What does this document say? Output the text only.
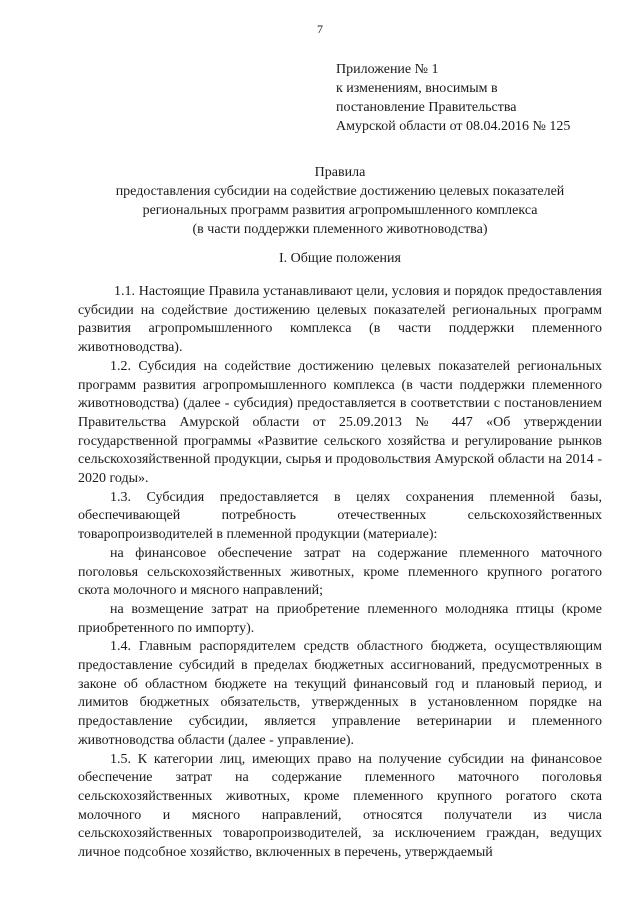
7
Приложение № 1
к изменениям, вносимым в
постановление Правительства
Амурской области от 08.04.2016 № 125
Правила
предоставления субсидии на содействие достижению целевых показателей
региональных программ развития агропромышленного комплекса
(в части поддержки племенного животноводства)
I. Общие положения

1.1. Настоящие Правила устанавливают цели, условия и порядок предоставления субсидии на содействие достижению целевых показателей региональных программ развития агропромышленного комплекса (в части поддержки племенного животноводства).

1.2. Субсидия на содействие достижению целевых показателей региональных программ развития агропромышленного комплекса (в части поддержки племенного животноводства) (далее - субсидия) предоставляется в соответствии с постановлением Правительства Амурской области от 25.09.2013 № 447 «Об утверждении государственной программы «Развитие сельского хозяйства и регулирование рынков сельскохозяйственной продукции, сырья и продовольствия Амурской области на 2014 - 2020 годы».

1.3. Субсидия предоставляется в целях сохранения племенной базы, обеспечивающей потребность отечественных сельскохозяйственных товаропроизводителей в племенной продукции (материале):

на финансовое обеспечение затрат на содержание племенного маточного поголовья сельскохозяйственных животных, кроме племенного крупного рогатого скота молочного и мясного направлений;

на возмещение затрат на приобретение племенного молодняка птицы (кроме приобретенного по импорту).

1.4. Главным распорядителем средств областного бюджета, осуществляющим предоставление субсидий в пределах бюджетных ассигнований, предусмотренных в законе об областном бюджете на текущий финансовый год и плановый период, и лимитов бюджетных обязательств, утвержденных в установленном порядке на предоставление субсидии, является управление ветеринарии и племенного животноводства области (далее - управление).

1.5. К категории лиц, имеющих право на получение субсидии на финансовое обеспечение затрат на содержание племенного маточного поголовья сельскохозяйственных животных, кроме племенного крупного рогатого скота молочного и мясного направлений, относятся получатели из числа сельскохозяйственных товаропроизводителей, за исключением граждан, ведущих личное подсобное хозяйство, включенных в перечень, утверждаемый
